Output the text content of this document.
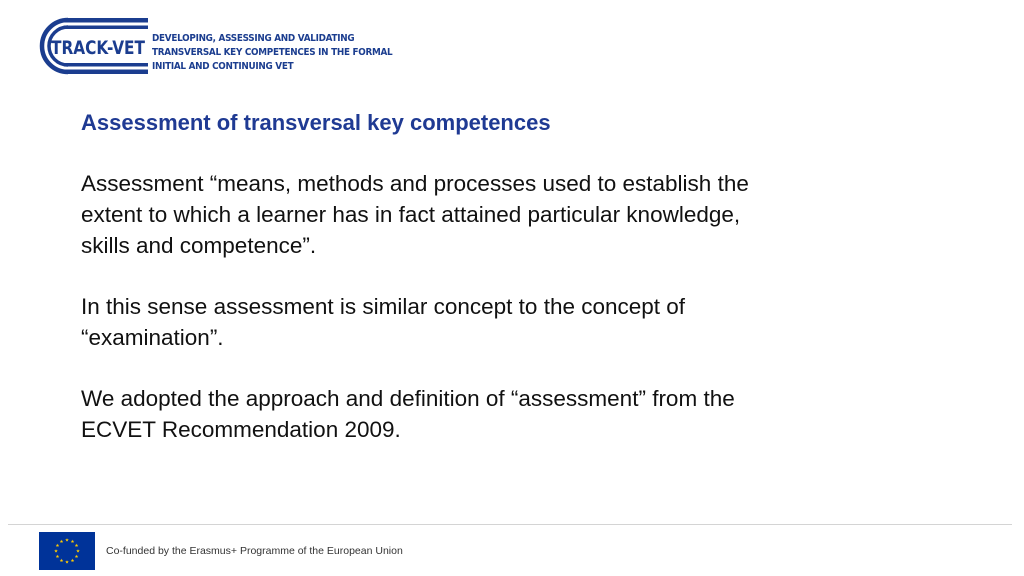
TRACK-VET DEVELOPING, ASSESSING AND VALIDATING TRANSVERSAL KEY COMPETENCES IN THE FORMAL INITIAL AND CONTINUING VET
Assessment of transversal key competences

Assessment “means, methods and processes used to establish the extent to which a learner has in fact attained particular knowledge, skills and competence”.

In this sense assessment is similar concept to the concept of “examination”.

We adopted the approach and definition of “assessment” from the ECVET Recommendation 2009.

Co-funded by the Erasmus+ Programme of the European Union
